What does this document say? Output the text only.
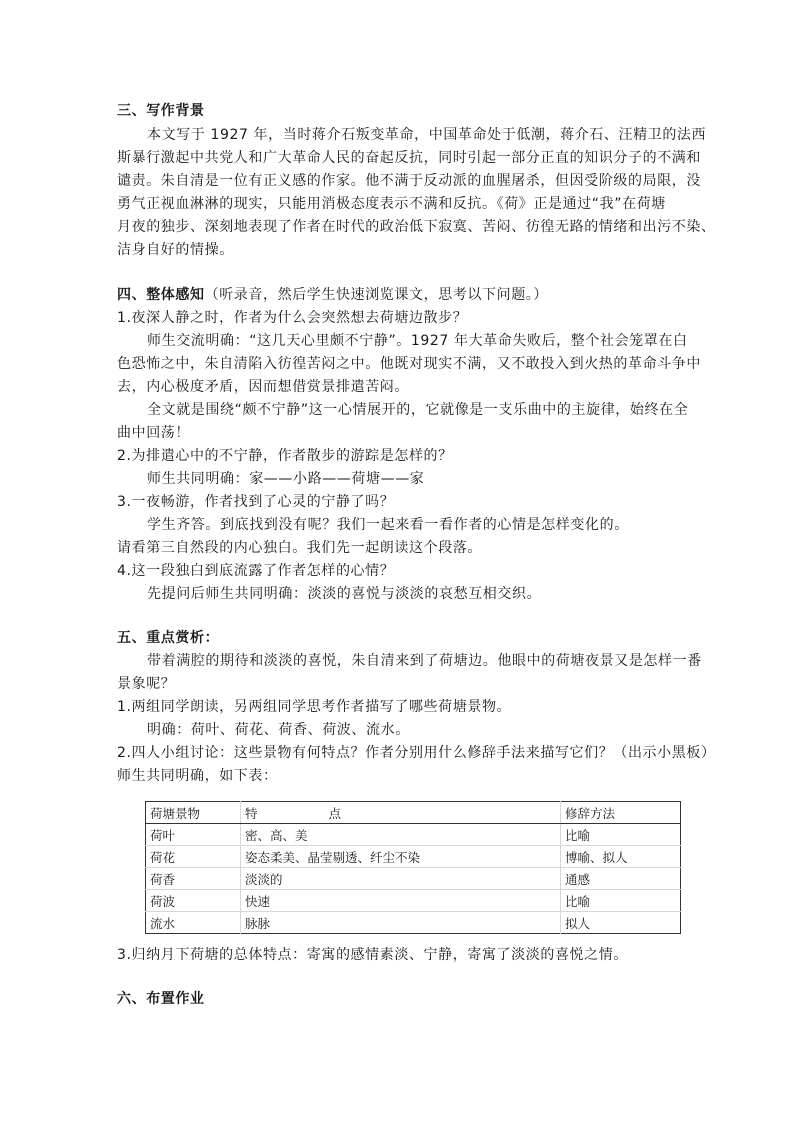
三、写作背景
本文写于 1927 年，当时蒋介石叛变革命，中国革命处于低潮，蒋介石、汪精卫的法西
斯暴行激起中共党人和广大革命人民的奋起反抗，同时引起一部分正直的知识分子的不满和
谴责。朱自清是一位有正义感的作家。他不满于反动派的血腥屠杀，但因受阶级的局限，没
勇气正视血淋淋的现实，只能用消极态度表示不满和反抗。《荷》正是通过“我”在荷塘
月夜的独步、深刻地表现了作者在时代的政治低下寂寞、苦闷、彷徨无路的情绪和出污不染、
洁身自好的情操。
四、整体感知（听录音，然后学生快速浏览课文，思考以下问题。）
1.夜深人静之时，作者为什么会突然想去荷塘边散步？
师生交流明确：“这几天心里颇不宁静”。1927 年大革命失败后，整个社会笼罩在白
色恐怖之中，朱自清陷入彷徨苦闷之中。他既对现实不满，又不敢投入到火热的革命斗争中
去，内心极度矛盾，因而想借赏景排遣苦闷。
全文就是围绕“颇不宁静”这一心情展开的，它就像是一支乐曲中的主旋律，始终在全
曲中回荡！
2.为排遣心中的不宁静，作者散步的游踪是怎样的？
师生共同明确：家——小路——荷塘——家
3.一夜畅游，作者找到了心灵的宁静了吗？
学生齐答。到底找到没有呢？我们一起来看一看作者的心情是怎样变化的。
请看第三自然段的内心独白。我们先一起朗读这个段落。
4.这一段独白到底流露了作者怎样的心情？
先提问后师生共同明确：淡淡的喜悦与淡淡的哀愁互相交织。
五、重点赏析：
带着满腔的期待和淡淡的喜悦，朱自清来到了荷塘边。他眼中的荷塘夜景又是怎样一番
景象呢？
1.两组同学朗读，另两组同学思考作者描写了哪些荷塘景物。
明确：荷叶、荷花、荷香、荷波、流水。
2.四人小组讨论：这些景物有何特点？作者分别用什么修辞手法来描写它们？（出示小黑板）
师生共同明确，如下表：
荷塘景物	特点	修辞方法
荷叶	密、高、美	比喻
荷花	姿态柔美、晶莹剔透、纤尘不染	博喻、拟人
荷香	淡淡的	通感
荷波	快速	比喻
流水	脉脉	拟人
3.归纳月下荷塘的总体特点：寄寓的感情素淡、宁静，寄寓了淡淡的喜悦之情。
六、布置作业
